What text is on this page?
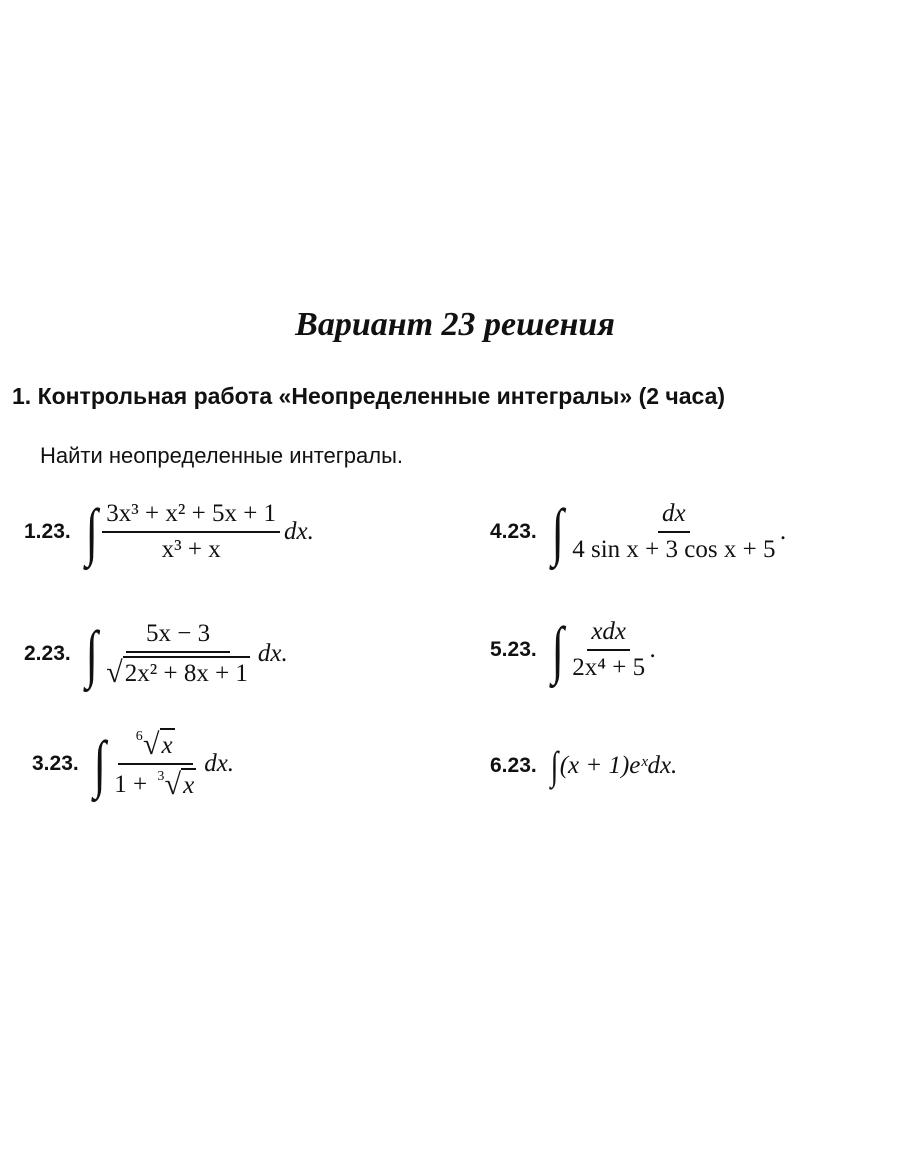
Вариант 23 решения
1. Контрольная работа «Неопределенные интегралы» (2 часа)
Найти неопределенные интегралы.
1.23. ∫ $\frac{\text{3x³ + x² + 5x + 1}}{\text{x³ + x}}$ dx.
2.23. ∫ $\frac{5x - 3}{\text{√ 2x² + 8x + 1}}$ dx.
3.23. ∫ $\frac{^6 √ x}{1 + ^3 √ x}$ dx.
4.23. ∫ $\frac{dx}{\text{4 sin x + 3 cos x + 5}}$ .
5.23. ∫ $\frac{\text{xdx}}{\text{2x⁴ + 5}}$ .
6.23. ∫ (x + 1)eˣdx.
